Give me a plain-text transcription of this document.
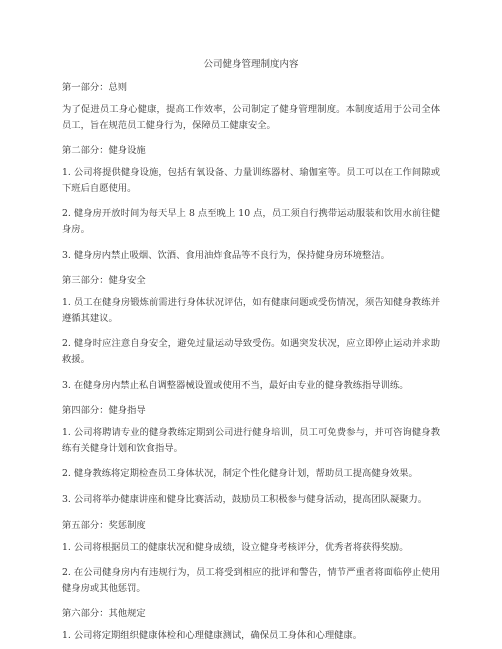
公司健身管理制度内容

第一部分：总则

为了促进员工身心健康，提高工作效率，公司制定了健身管理制度。本制度适用于公司全体员工，旨在规范员工健身行为，保障员工健康安全。

第二部分：健身设施

1. 公司将提供健身设施，包括有氧设备、力量训练器材、瑜伽室等。员工可以在工作间隙或下班后自愿使用。

2. 健身房开放时间为每天早上 8 点至晚上 10 点，员工须自行携带运动服装和饮用水前往健身房。

3. 健身房内禁止吸烟、饮酒、食用油炸食品等不良行为，保持健身房环境整洁。

第三部分：健身安全

1. 员工在健身房锻炼前需进行身体状况评估，如有健康问题或受伤情况，须告知健身教练并遵循其建议。

2. 健身时应注意自身安全，避免过量运动导致受伤。如遇突发状况，应立即停止运动并求助救援。

3. 在健身房内禁止私自调整器械设置或使用不当，最好由专业的健身教练指导训练。

第四部分：健身指导

1. 公司将聘请专业的健身教练定期到公司进行健身培训，员工可免费参与，并可咨询健身教练有关健身计划和饮食指导。

2. 健身教练将定期检查员工身体状况，制定个性化健身计划，帮助员工提高健身效果。

3. 公司将举办健康讲座和健身比赛活动，鼓励员工积极参与健身活动，提高团队凝聚力。

第五部分：奖惩制度

1. 公司将根据员工的健康状况和健身成绩，设立健身考核评分，优秀者将获得奖励。

2. 在公司健身房内有违规行为，员工将受到相应的批评和警告，情节严重者将面临停止使用健身房或其他惩罚。

第六部分：其他规定

1. 公司将定期组织健康体检和心理健康测试，确保员工身体和心理健康。
